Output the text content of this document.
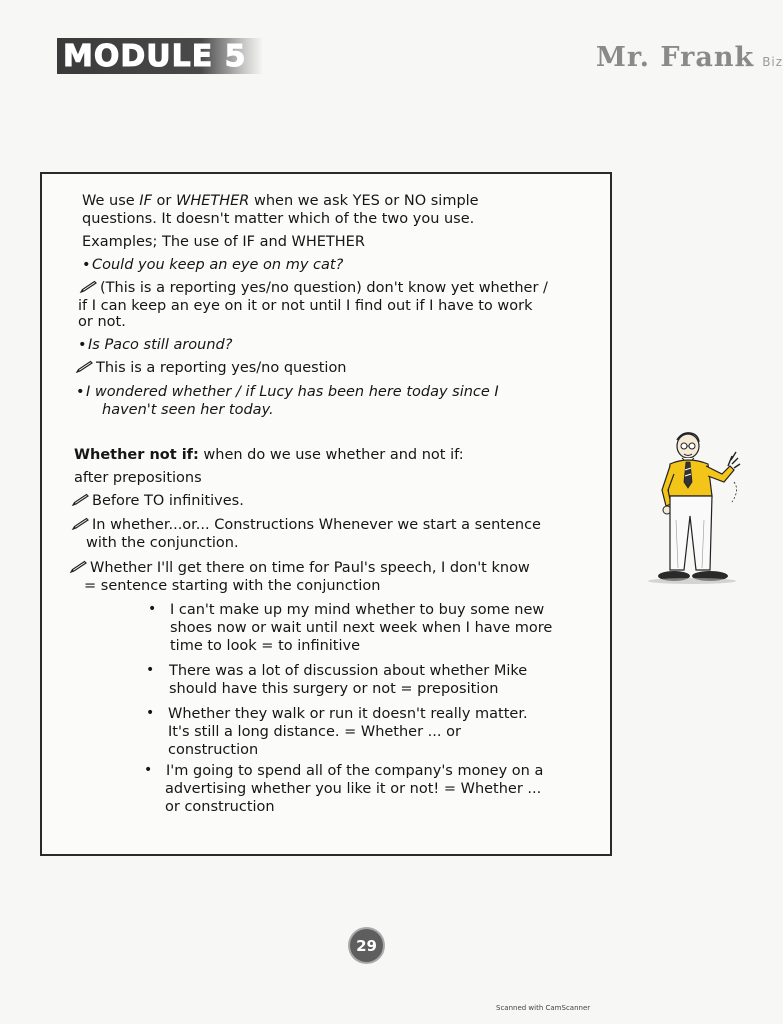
MODULE 5	Mr. Frank Biz
We use IF or WHETHER when we ask YES or NO simple
questions. It doesn't matter which of the two you use.
Examples; The use of IF and WHETHER
•Could you keep an eye on my cat?
(This is a reporting yes/no question) don't know yet whether /
if I can keep an eye on it or not until I find out if I have to work
or not.
•Is Paco still around?
This is a reporting yes/no question
•I wondered whether / if Lucy has been here today since I
haven't seen her today.
Whether not if: when do we use whether and not if:
after prepositions
Before TO infinitives.
In whether...or... Constructions Whenever we start a sentence
with the conjunction.
Whether I'll get there on time for Paul's speech, I don't know
= sentence starting with the conjunction
• I can't make up my mind whether to buy some new
shoes now or wait until next week when I have more
time to look = to infinitive
• There was a lot of discussion about whether Mike
should have this surgery or not = preposition
• Whether they walk or run it doesn't really matter.
It's still a long distance. = Whether ... or
construction
• I'm going to spend all of the company's money on a
advertising whether you like it or not! = Whether ...
or construction
29
Scanned with CamScanner
